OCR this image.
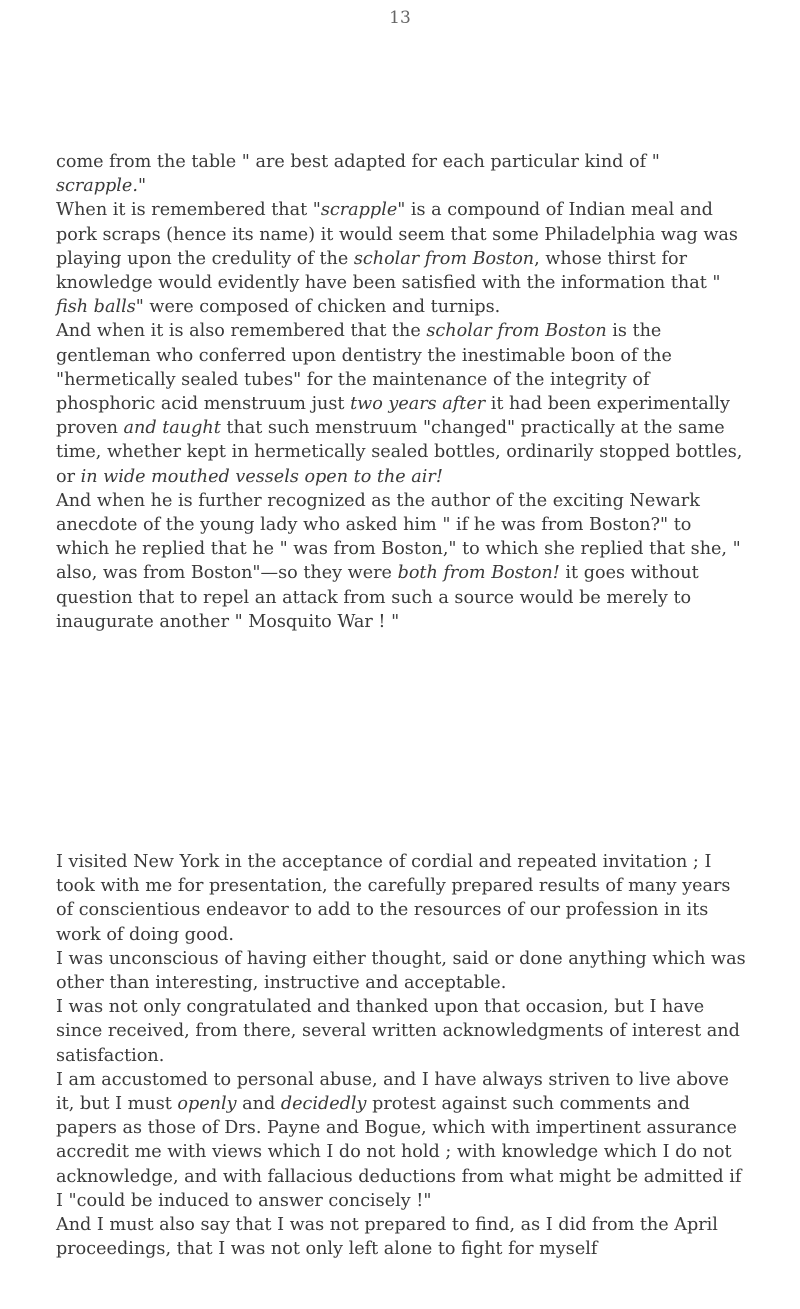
13

come from the table " are best adapted for each particular kind of " scrapple."

When it is remembered that "scrapple" is a compound of Indian meal and pork scraps (hence its name) it would seem that some Philadelphia wag was playing upon the credulity of the scholar from Boston, whose thirst for knowledge would evidently have been satisfied with the information that " fish balls" were composed of chicken and turnips.

And when it is also remembered that the scholar from Boston is the gentleman who conferred upon dentistry the inestimable boon of the "hermetically sealed tubes" for the maintenance of the integrity of phosphoric acid menstruum just two years after it had been experimentally proven and taught that such menstruum "changed" practically at the same time, whether kept in hermetically sealed bottles, ordinarily stopped bottles, or in wide mouthed vessels open to the air!

And when he is further recognized as the author of the exciting Newark anecdote of the young lady who asked him " if he was from Boston?" to which he replied that he " was from Boston," to which she replied that she, " also, was from Boston"—so they were both from Boston! it goes without question that to repel an attack from such a source would be merely to inaugurate another " Mosquito War ! "

I visited New York in the acceptance of cordial and repeated invitation ; I took with me for presentation, the carefully prepared results of many years of conscientious endeavor to add to the resources of our profession in its work of doing good.

I was unconscious of having either thought, said or done anything which was other than interesting, instructive and acceptable.

I was not only congratulated and thanked upon that occasion, but I have since received, from there, several written acknowledgments of interest and satisfaction.

I am accustomed to personal abuse, and I have always striven to live above it, but I must openly and decidedly protest against such comments and papers as those of Drs. Payne and Bogue, which with impertinent assurance accredit me with views which I do not hold ; with knowledge which I do not acknowledge, and with fallacious deductions from what might be admitted if I "could be induced to answer concisely !"

And I must also say that I was not prepared to find, as I did from the April proceedings, that I was not only left alone to fight for myself
